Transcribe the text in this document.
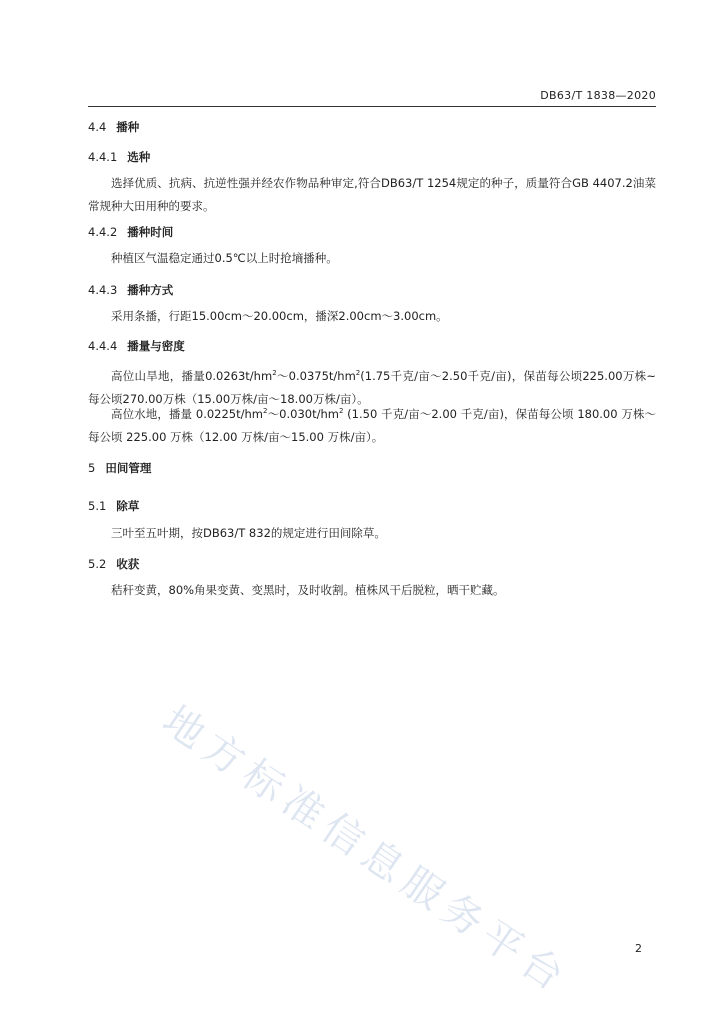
DB63/T 1838—2020
4.4 播种
4.4.1 选种

选择优质、抗病、抗逆性强并经农作物品种审定,符合DB63/T 1254规定的种子，质量符合GB 4407.2油菜常规种大田用种的要求。

4.4.2 播种时间

种植区气温稳定通过0.5℃以上时抢墒播种。

4.4.3 播种方式

采用条播，行距15.00cm～20.00cm，播深2.00cm～3.00cm。

4.4.4 播量与密度

高位山旱地，播量$0.0263t/hm^2\sim 0.0375t/hm^2(1.75$千克/亩～2.50千克/亩)，保苗每公顷225.00万株~每公顷270.00万株（15.00万株/亩～18.00万株/亩）。

高位水地，播量 $0.0225t/hm^2\sim 0.030t/hm^2$ (1.50 千克/亩～2.00 千克/亩)，保苗每公顷 180.00 万株～每公顷 225.00 万株（12.00 万株/亩～15.00 万株/亩）。

5 田间管理
5.1 除草

三叶至五叶期，按DB63/T 832的规定进行田间除草。

5.2 收获

秸秆变黄，80%角果变黄、变黑时，及时收割。植株风干后脱粒，晒干贮藏。

地方标准信息服务平台	2
